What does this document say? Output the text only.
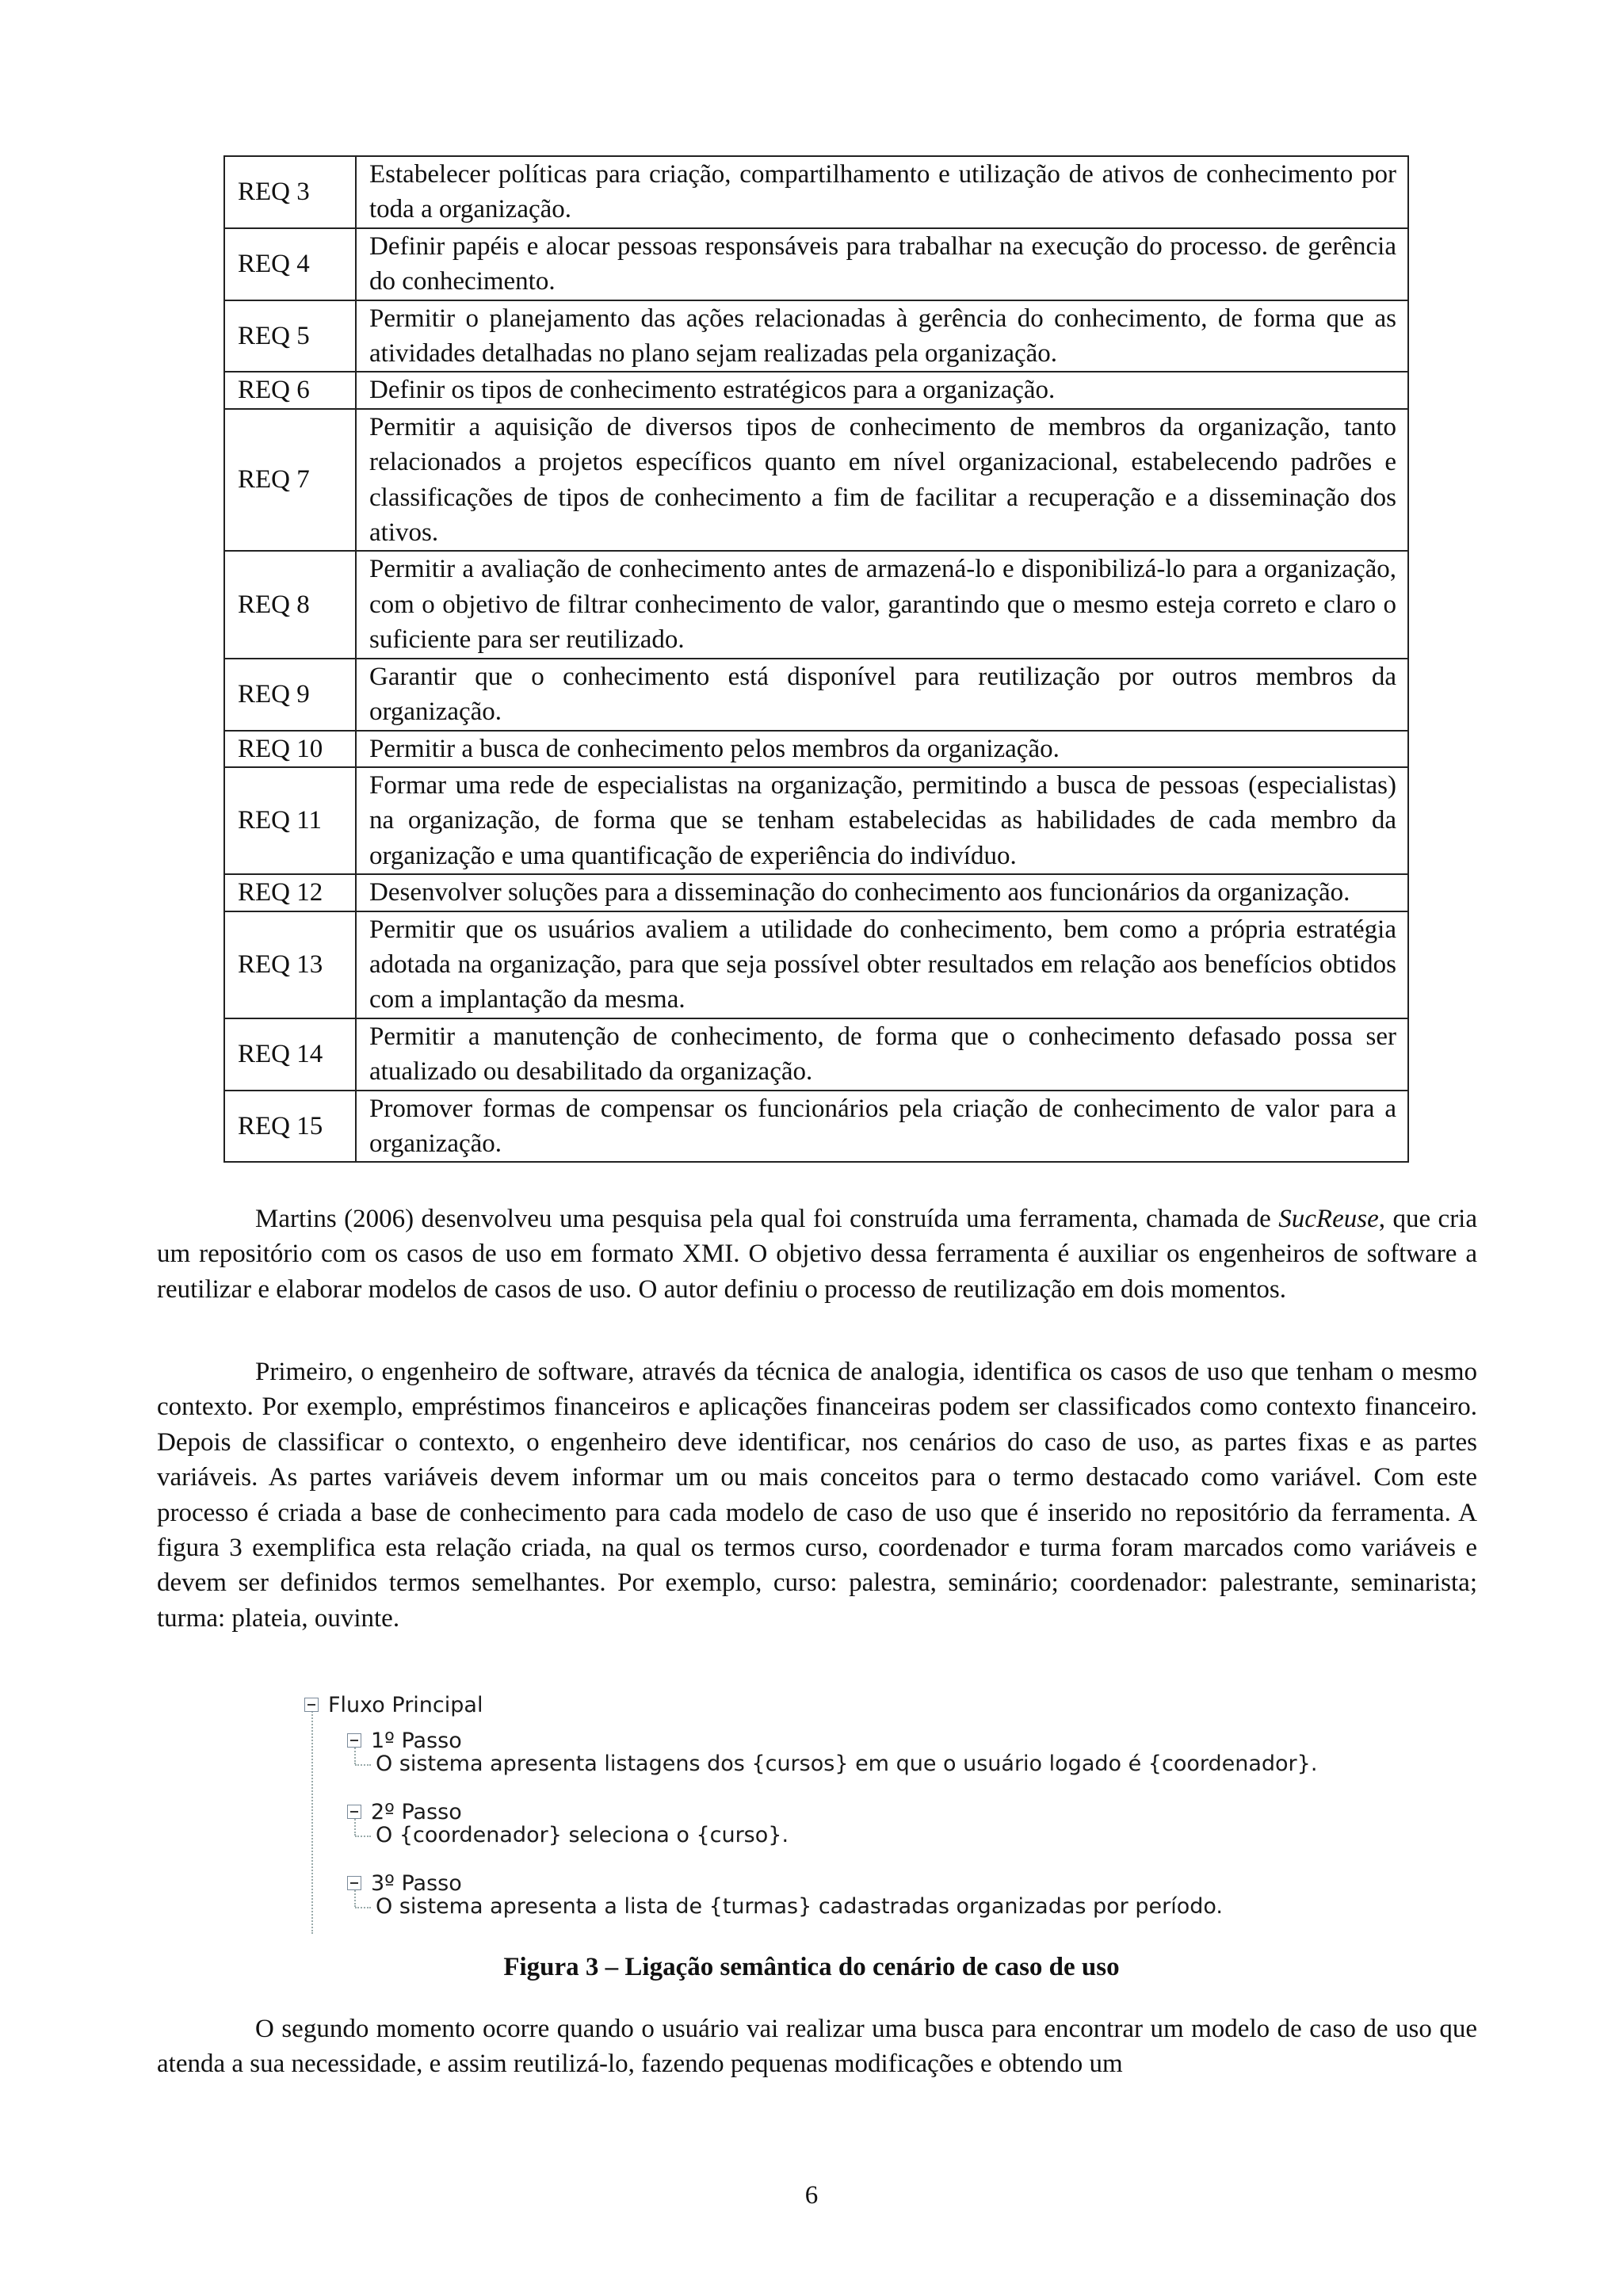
REQ 3	Estabelecer políticas para criação, compartilhamento e utilização de ativos de conhecimento por toda a organização.
REQ 4	Definir papéis e alocar pessoas responsáveis para trabalhar na execução do processo. de gerência do conhecimento.
REQ 5	Permitir o planejamento das ações relacionadas à gerência do conhecimento, de forma que as atividades detalhadas no plano sejam realizadas pela organização.
REQ 6	Definir os tipos de conhecimento estratégicos para a organização.
REQ 7	Permitir a aquisição de diversos tipos de conhecimento de membros da organização, tanto relacionados a projetos específicos quanto em nível organizacional, estabelecendo padrões e classificações de tipos de conhecimento a fim de facilitar a recuperação e a disseminação dos ativos.
REQ 8	Permitir a avaliação de conhecimento antes de armazená-lo e disponibilizá-lo para a organização, com o objetivo de filtrar conhecimento de valor, garantindo que o mesmo esteja correto e claro o suficiente para ser reutilizado.
REQ 9	Garantir que o conhecimento está disponível para reutilização por outros membros da organização.
REQ 10	Permitir a busca de conhecimento pelos membros da organização.
REQ 11	Formar uma rede de especialistas na organização, permitindo a busca de pessoas (especialistas) na organização, de forma que se tenham estabelecidas as habilidades de cada membro da organização e uma quantificação de experiência do indivíduo.
REQ 12	Desenvolver soluções para a disseminação do conhecimento aos funcionários da organização.
REQ 13	Permitir que os usuários avaliem a utilidade do conhecimento, bem como a própria estratégia adotada na organização, para que seja possível obter resultados em relação aos benefícios obtidos com a implantação da mesma.
REQ 14	Permitir a manutenção de conhecimento, de forma que o conhecimento defasado possa ser atualizado ou desabilitado da organização.
REQ 15	Promover formas de compensar os funcionários pela criação de conhecimento de valor para a organização.

Martins (2006) desenvolveu uma pesquisa pela qual foi construída uma ferramenta, chamada de SucReuse, que cria um repositório com os casos de uso em formato XMI. O objetivo dessa ferramenta é auxiliar os engenheiros de software a reutilizar e elaborar modelos de casos de uso. O autor definiu o processo de reutilização em dois momentos.

Primeiro, o engenheiro de software, através da técnica de analogia, identifica os casos de uso que tenham o mesmo contexto. Por exemplo, empréstimos financeiros e aplicações financeiras podem ser classificados como contexto financeiro. Depois de classificar o contexto, o engenheiro deve identificar, nos cenários do caso de uso, as partes fixas e as partes variáveis. As partes variáveis devem informar um ou mais conceitos para o termo destacado como variável. Com este processo é criada a base de conhecimento para cada modelo de caso de uso que é inserido no repositório da ferramenta. A figura 3 exemplifica esta relação criada, na qual os termos curso, coordenador e turma foram marcados como variáveis e devem ser definidos termos semelhantes. Por exemplo, curso: palestra, seminário; coordenador: palestrante, seminarista; turma: plateia, ouvinte.

Fluxo Principal
1º Passo
O sistema apresenta listagens dos {cursos} em que o usuário logado é {coordenador}.
2º Passo
O {coordenador} seleciona o {curso}.
3º Passo
O sistema apresenta a lista de {turmas} cadastradas organizadas por período.
Figura 3 – Ligação semântica do cenário de caso de uso

O segundo momento ocorre quando o usuário vai realizar uma busca para encontrar um modelo de caso de uso que atenda a sua necessidade, e assim reutilizá-lo, fazendo pequenas modificações e obtendo um

6
